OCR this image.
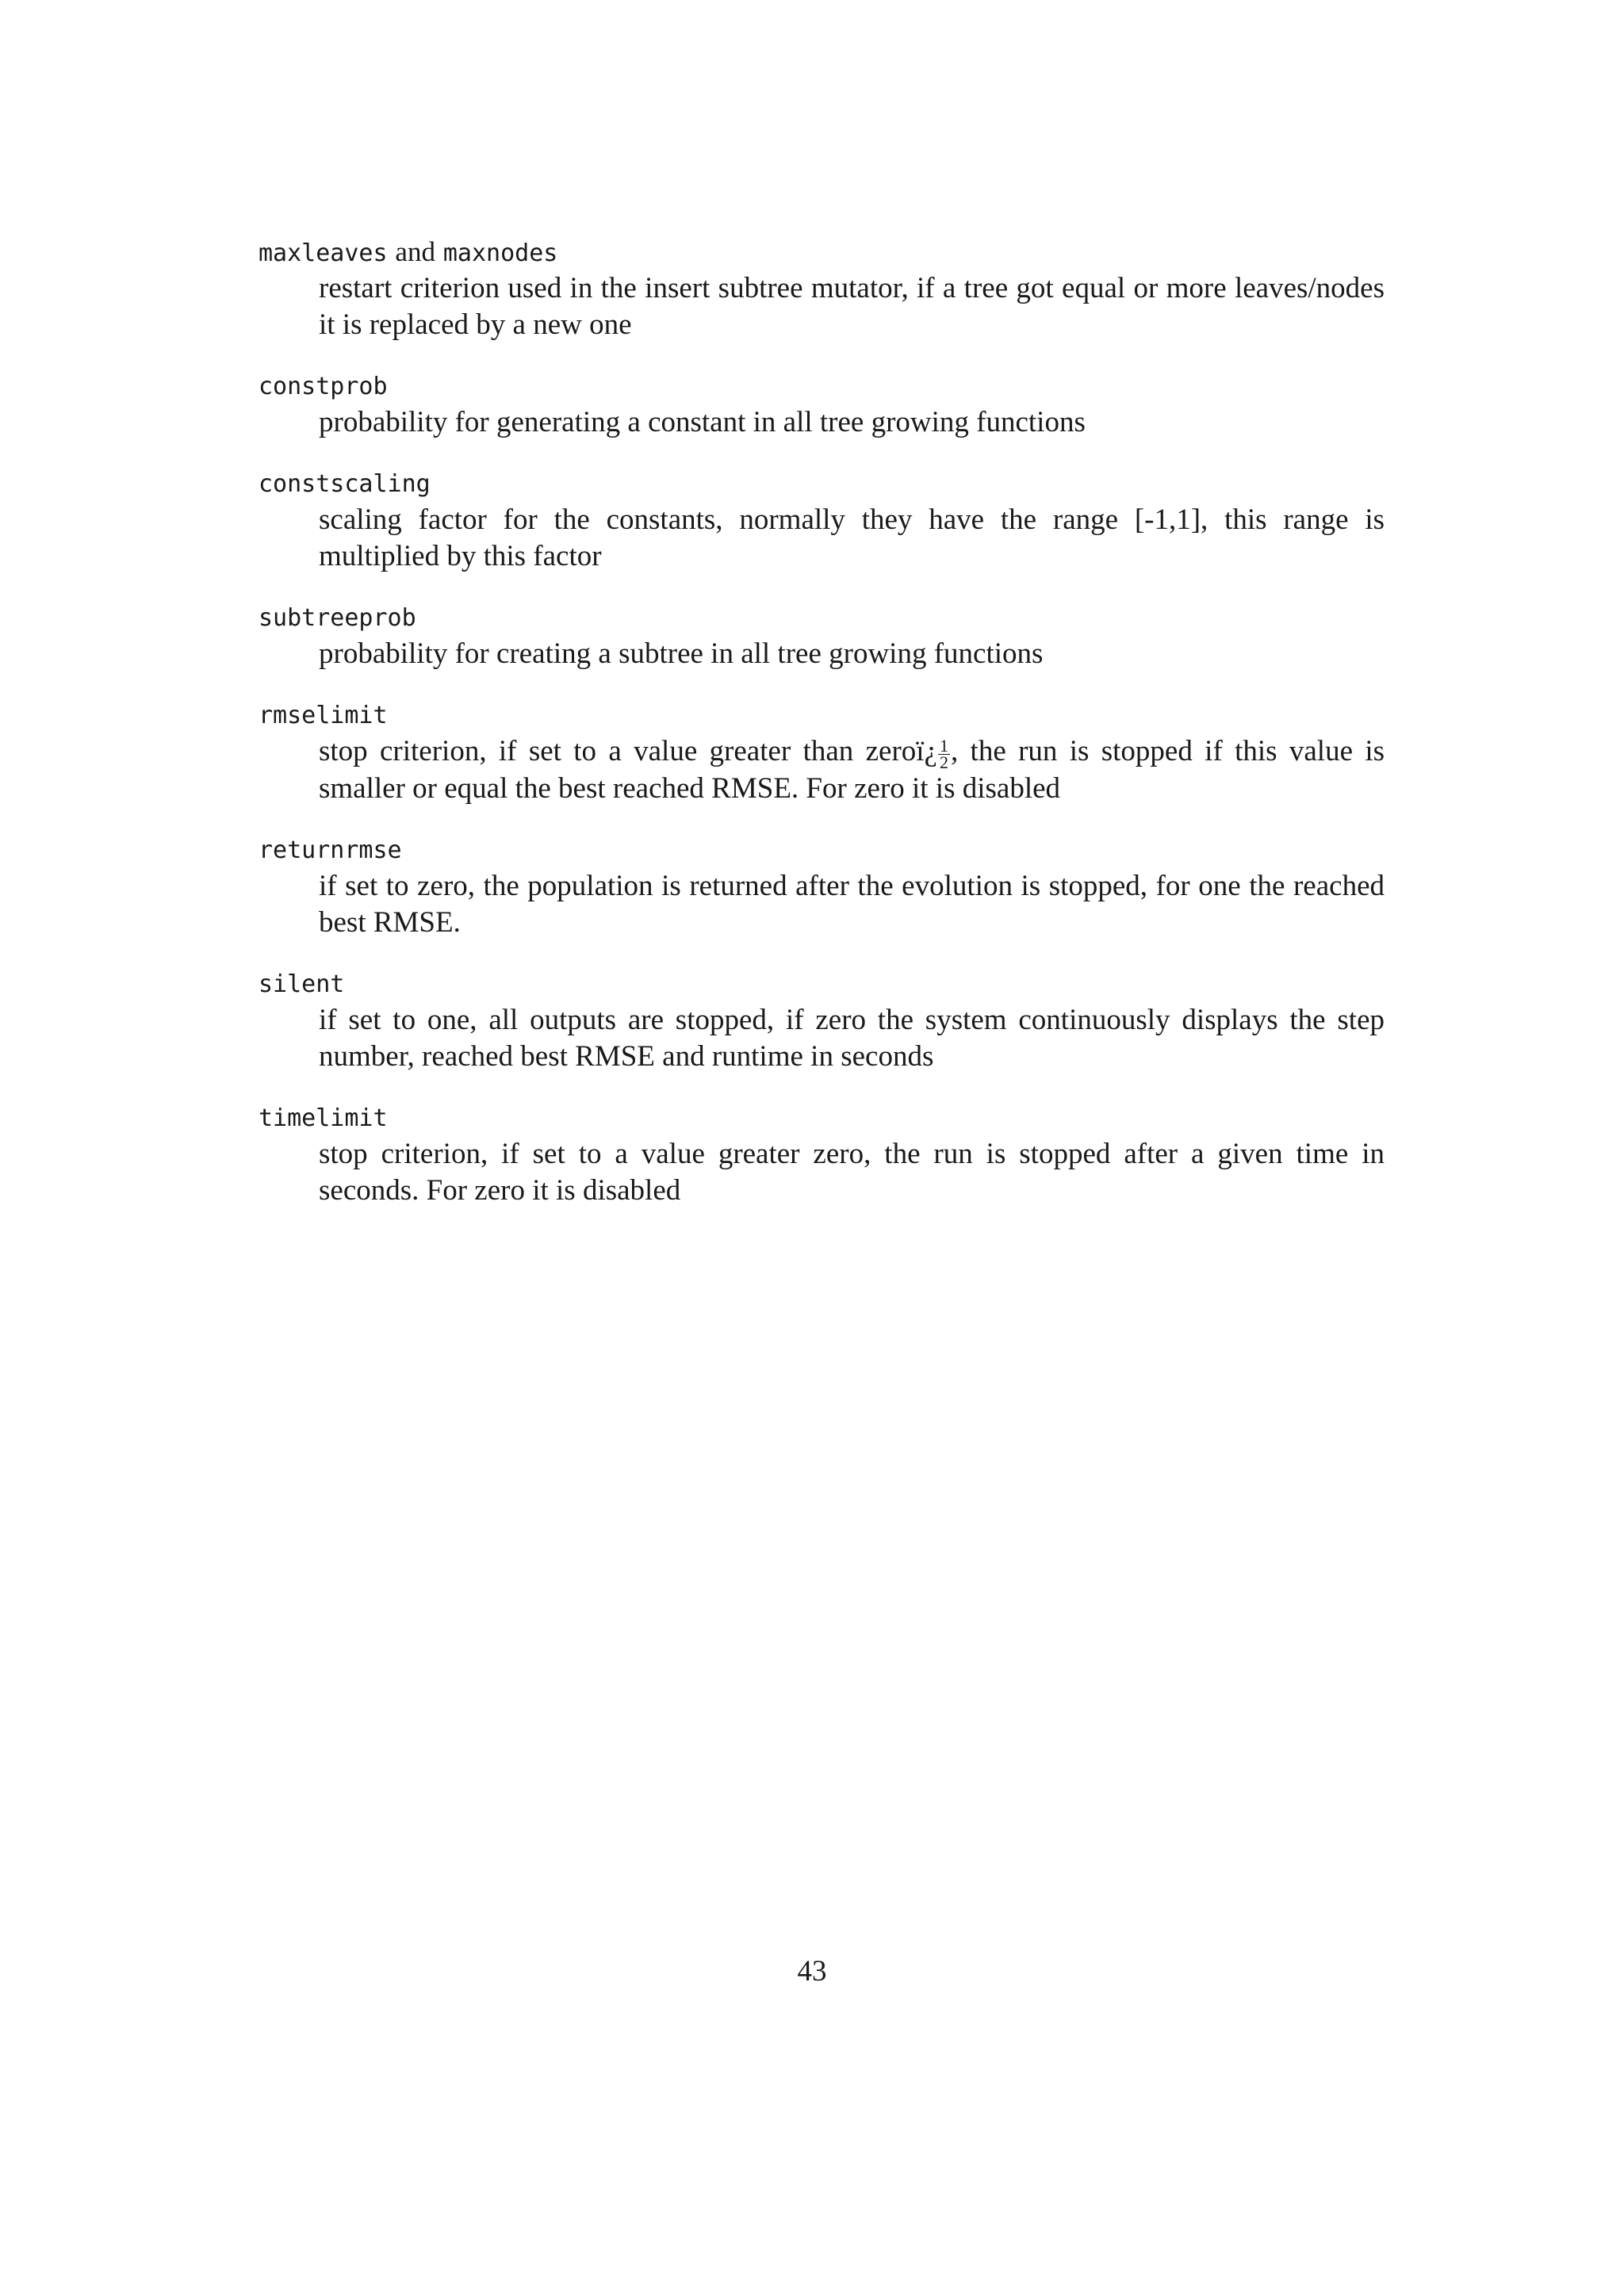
maxleaves and maxnodes
restart criterion used in the insert subtree mutator, if a tree got equal or more leaves/nodes it is replaced by a new one
constprob
probability for generating a constant in all tree growing functions
constscaling
scaling factor for the constants, normally they have the range [-1,1], this range is multiplied by this factor
subtreeprob
probability for creating a subtree in all tree growing functions
rmselimit
stop criterion, if set to a value greater than zeroï¿ $\frac{1}{2}$ , the run is stopped if this value is smaller or equal the best reached RMSE. For zero it is disabled
returnrmse
if set to zero, the population is returned after the evolution is stopped, for one the reached best RMSE.
silent
if set to one, all outputs are stopped, if zero the system continuously displays the step number, reached best RMSE and runtime in seconds
timelimit
stop criterion, if set to a value greater zero, the run is stopped after a given time in seconds. For zero it is disabled
43
